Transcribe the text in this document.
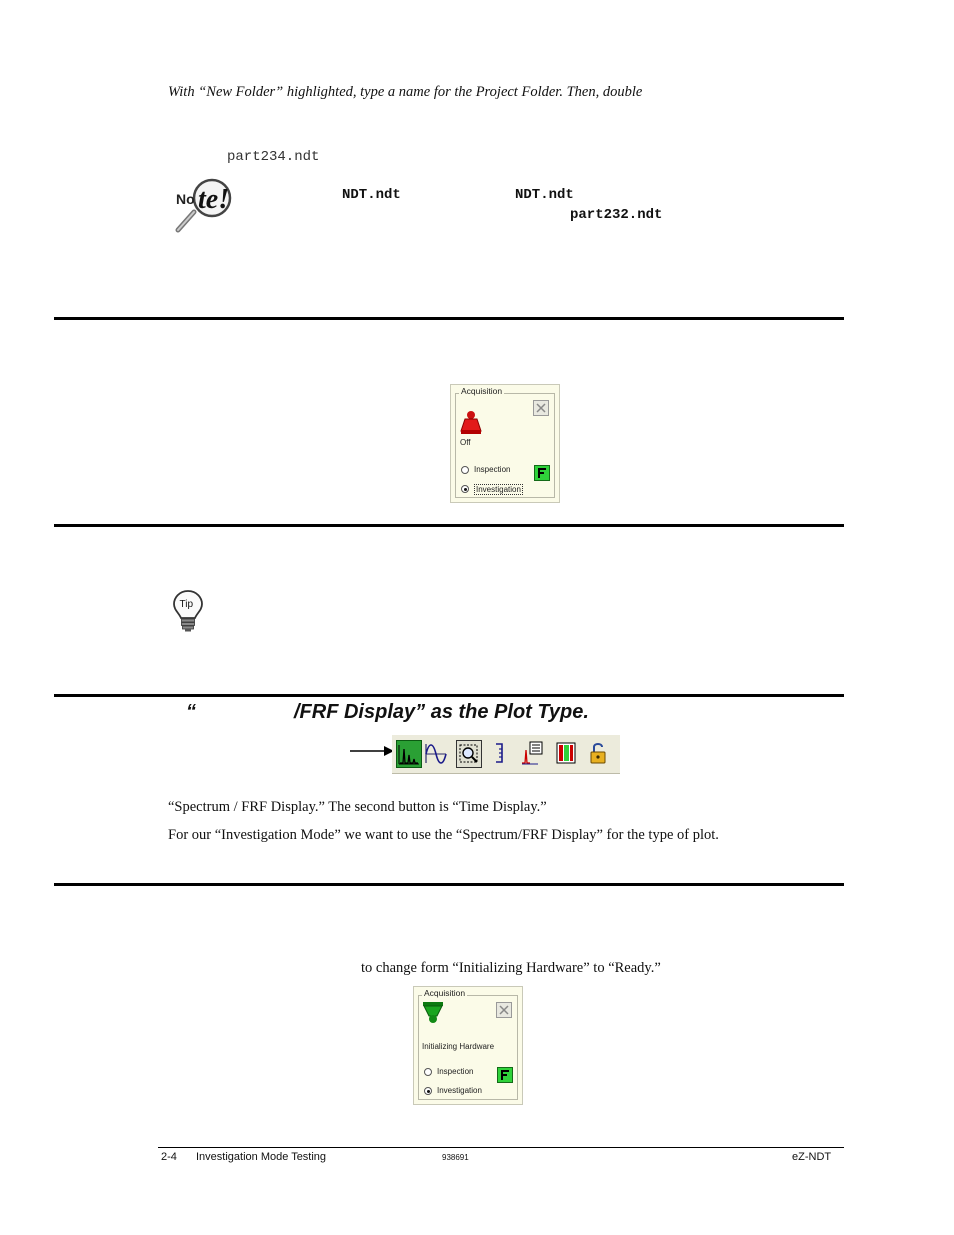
With “New Folder” highlighted, type a name for the Project Folder. Then, double
part234.ndt
No te!	NDT.ndt	NDT.ndt
part232.ndt
Acquisition
Off
Inspection
Investigation
Tip
“	/FRF Display” as the Plot Type.
“Spectrum / FRF Display.” The second button is “Time Display.”
For our “Investigation Mode” we want to use the “Spectrum/FRF Display” for the type of plot.
to change form “Initializing Hardware” to “Ready.”
Acquisition
Initializing Hardware
Inspection
Investigation
2-4 Investigation Mode Testing	938691	eZ-NDT
